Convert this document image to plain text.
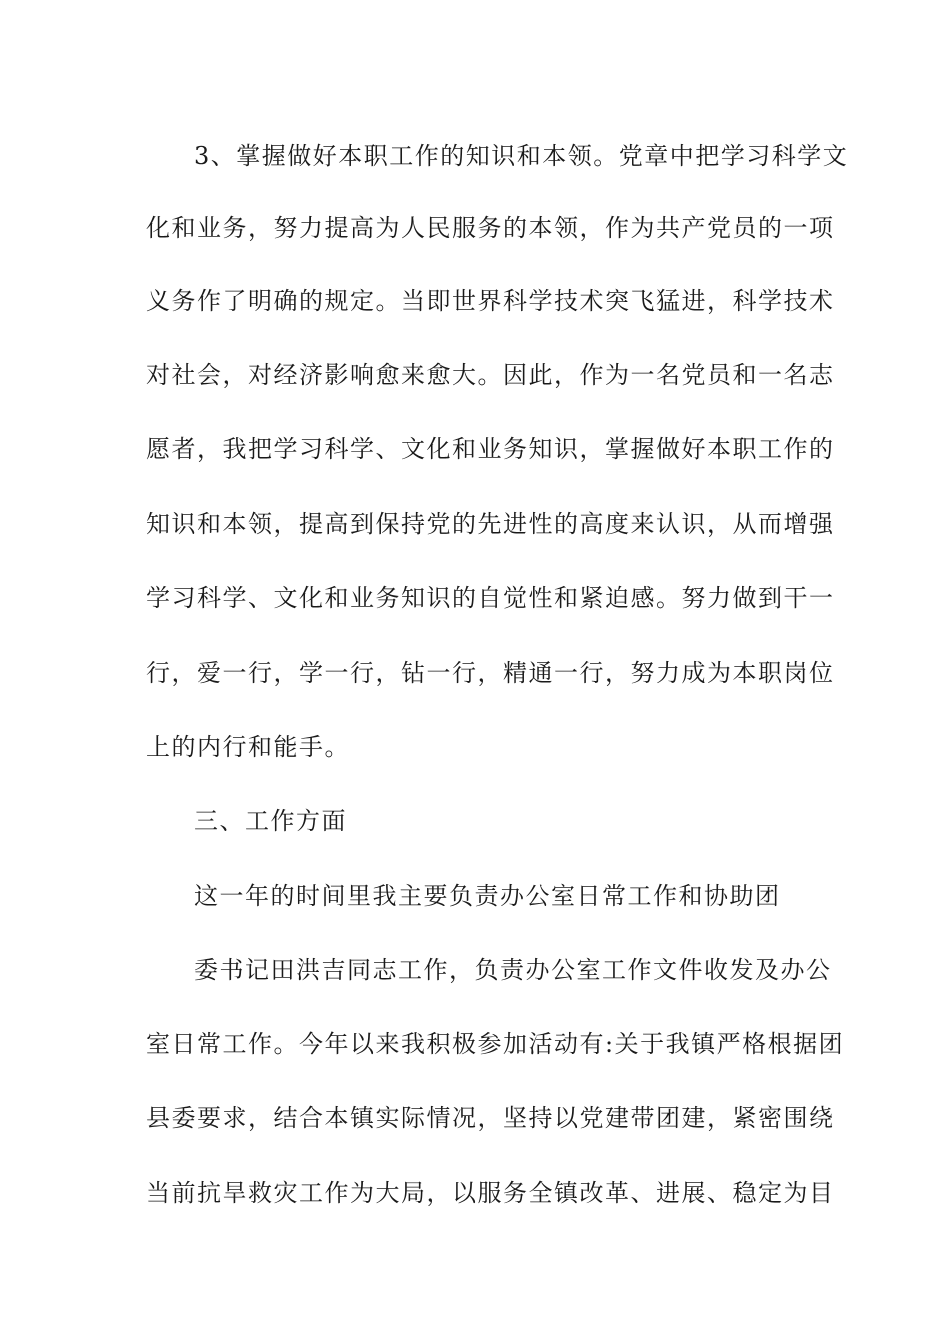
3、掌握做好本职工作的知识和本领。党章中把学习科学文
化和业务，努力提高为人民服务的本领，作为共产党员的一项
义务作了明确的规定。当即世界科学技术突飞猛进，科学技术
对社会，对经济影响愈来愈大。因此，作为一名党员和一名志
愿者，我把学习科学、文化和业务知识，掌握做好本职工作的
知识和本领，提高到保持党的先进性的高度来认识，从而增强
学习科学、文化和业务知识的自觉性和紧迫感。努力做到干一
行，爱一行，学一行，钻一行，精通一行，努力成为本职岗位
上的内行和能手。
三、工作方面
这一年的时间里我主要负责办公室日常工作和协助团
委书记田洪吉同志工作，负责办公室工作文件收发及办公
室日常工作。今年以来我积极参加活动有:关于我镇严格根据团
县委要求，结合本镇实际情况，坚持以党建带团建，紧密围绕
当前抗旱救灾工作为大局，以服务全镇改革、进展、稳定为目
